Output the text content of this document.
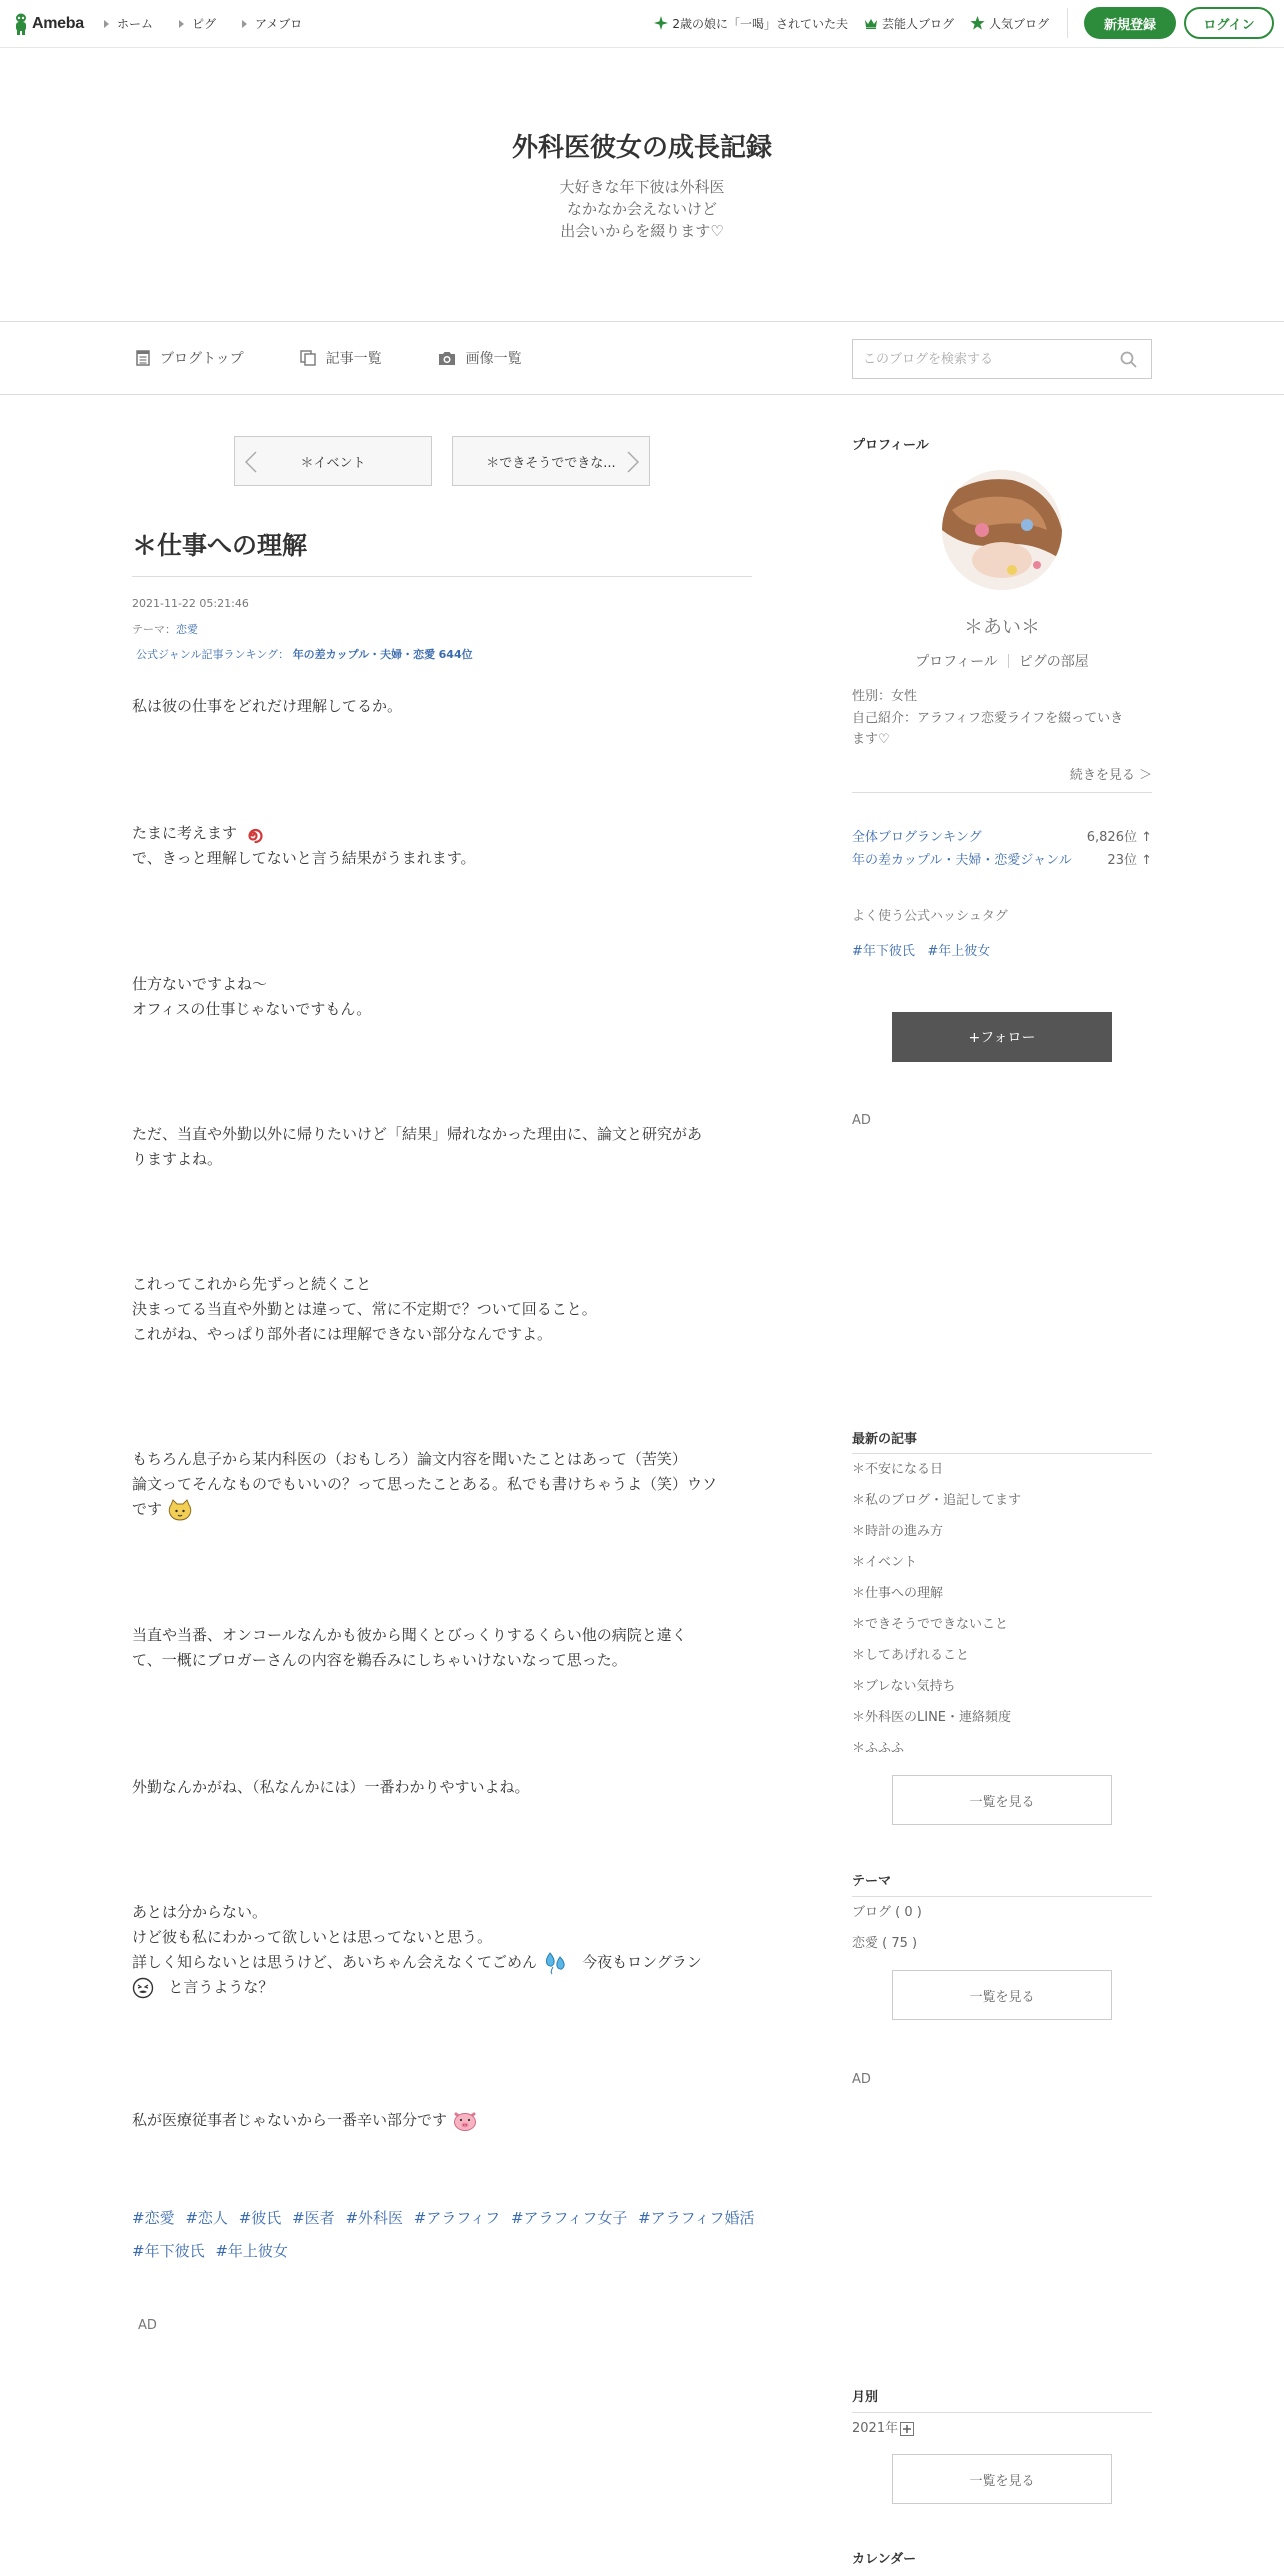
Ameba	ホーム	ピグ	アメブロ	2歳の娘に「一喝」されていた夫	芸能人ブログ	人気ブログ	新規登録	ログイン
外科医彼女の成長記録
大好きな年下彼は外科医
なかなか会えないけど
出会いからを綴ります♡
ブログトップ	記事一覧	画像一覧
このブログを検索する
＊イベント	＊できそうでできな...
＊仕事への理解
2021-11-22 05:21:46
テーマ：恋愛
公式ジャンル記事ランキング： 年の差カップル・夫婦・恋愛 644位
私は彼の仕事をどれだけ理解してるか。
たまに考えます
で、きっと理解してないと言う結果がうまれます。
仕方ないですよね〜
オフィスの仕事じゃないですもん。
ただ、当直や外勤以外に帰りたいけど「結果」帰れなかった理由に、論文と研究があ
りますよね。
これってこれから先ずっと続くこと
決まってる当直や外勤とは違って、常に不定期で？ついて回ること。
これがね、やっぱり部外者には理解できない部分なんですよ。
もちろん息子から某内科医の（おもしろ）論文内容を聞いたことはあって（苦笑）
論文ってそんなものでもいいの？って思ったことある。私でも書けちゃうよ（笑）ウソ
です
当直や当番、オンコールなんかも彼から聞くとびっくりするくらい他の病院と違く
て、一概にブロガーさんの内容を鵜呑みにしちゃいけないなって思った。
外勤なんかがね、（私なんかには）一番わかりやすいよね。
あとは分からない。
けど彼も私にわかって欲しいとは思ってないと思う。
詳しく知らないとは思うけど、あいちゃん会えなくてごめん	今夜もロングラン
と言うような？
私が医療従事者じゃないから一番辛い部分です
#恋愛 #恋人 #彼氏 #医者 #外科医 #アラフィフ #アラフィフ女子 #アラフィフ婚活 #年下彼氏 #年上彼女
AD
プロフィール
＊あい＊
プロフィール ピグの部屋
性別：女性
自己紹介：アラフィフ恋愛ライフを綴っていき
ます♡
続きを見る ＞
全体ブログランキング	6,826位 ↑
年の差カップル・夫婦・恋愛ジャンル	23位 ↑
よく使う公式ハッシュタグ
#年下彼氏 #年上彼女
+フォロー
AD
最新の記事
＊不安になる日
＊私のブログ・追記してます
＊時計の進み方
＊イベント
＊仕事への理解
＊できそうでできないこと
＊してあげれること
＊ブレない気持ち
＊外科医のLINE・連絡頻度
＊ふふふ
一覧を見る
テーマ
ブログ ( 0 )
恋愛 ( 75 )
一覧を見る
AD
月別
2021年
一覧を見る
カレンダー
